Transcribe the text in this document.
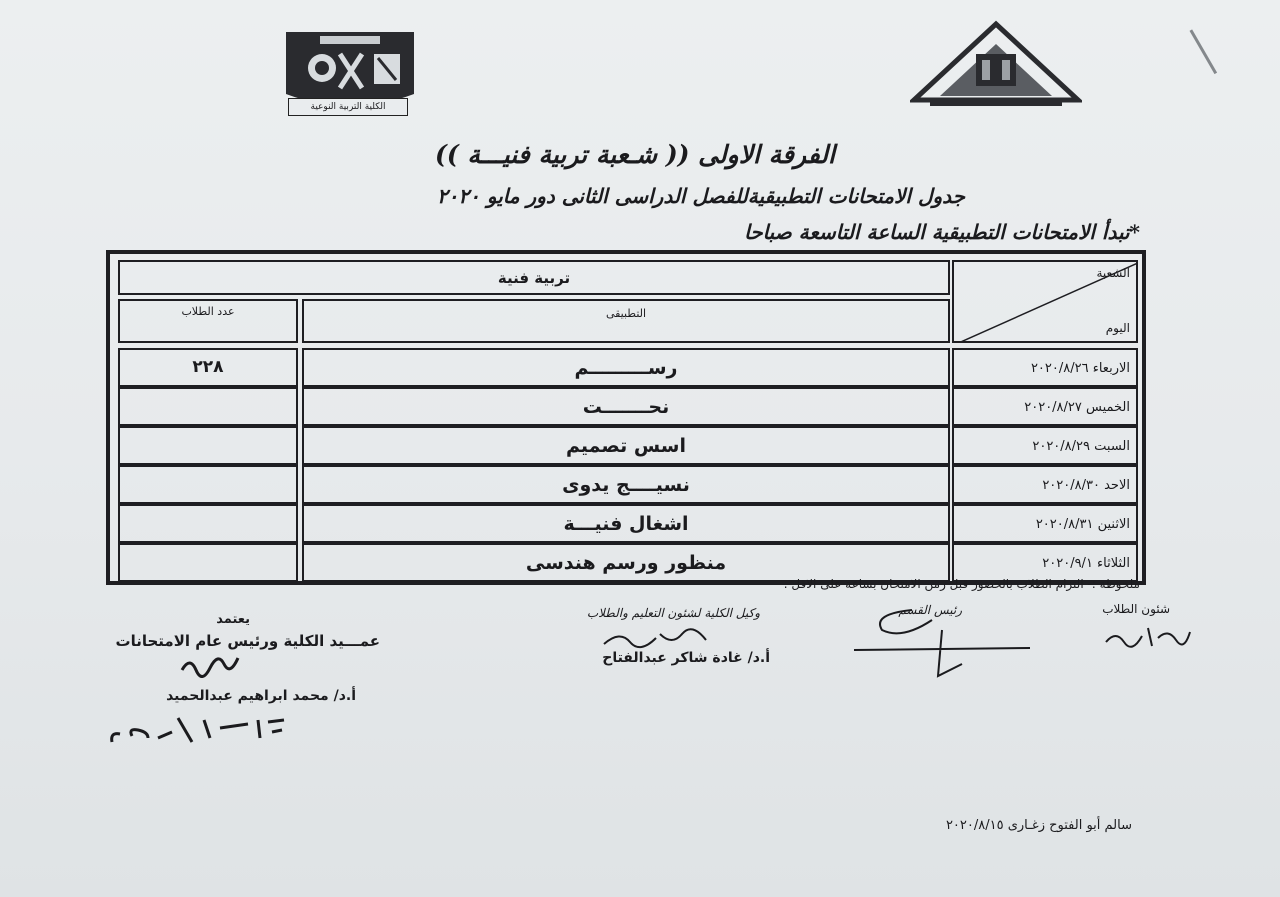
الكلية التربية النوعية
الفرقة الاولى (( شـعبة تربية فنيـــة ))
جدول الامتحانات التطبيقيةللفصل الدراسى الثانى دور مايو ٢٠٢٠
*تبدأ الامتحانات التطبيقية الساعة التاسعة صباحا
تربية فنية
عدد الطلاب	التطبيقى
الشعبة
اليوم
٢٢٨	رســـــــــم	الاربعاء ٢٠٢٠/٨/٢٦
نحـــــــت	الخميس ٢٠٢٠/٨/٢٧
اسس تصميم	السبت ٢٠٢٠/٨/٢٩
نسيــــج يدوى	الاحد ٢٠٢٠/٨/٣٠
اشغال فنيـــة	الاثنين ٢٠٢٠/٨/٣١
منظور ورسم هندسى	الثلاثاء ٢٠٢٠/٩/١
ملحوظة :- التزام الطلاب بالحضور قبل زمن الامتحان بساعة على الاقل .
يعتمد
عمـــيد الكلية ورئيس عام الامتحانات
أ.د/ محمد ابراهيم عبدالحميد
وكيل الكلية لشئون التعليم والطلاب
أ.د/ غادة شاكر عبدالفتاح
رئيس القسم	شئون الطلاب
سالم أبو الفتوح زغـارى ٢٠٢٠/٨/١٥
